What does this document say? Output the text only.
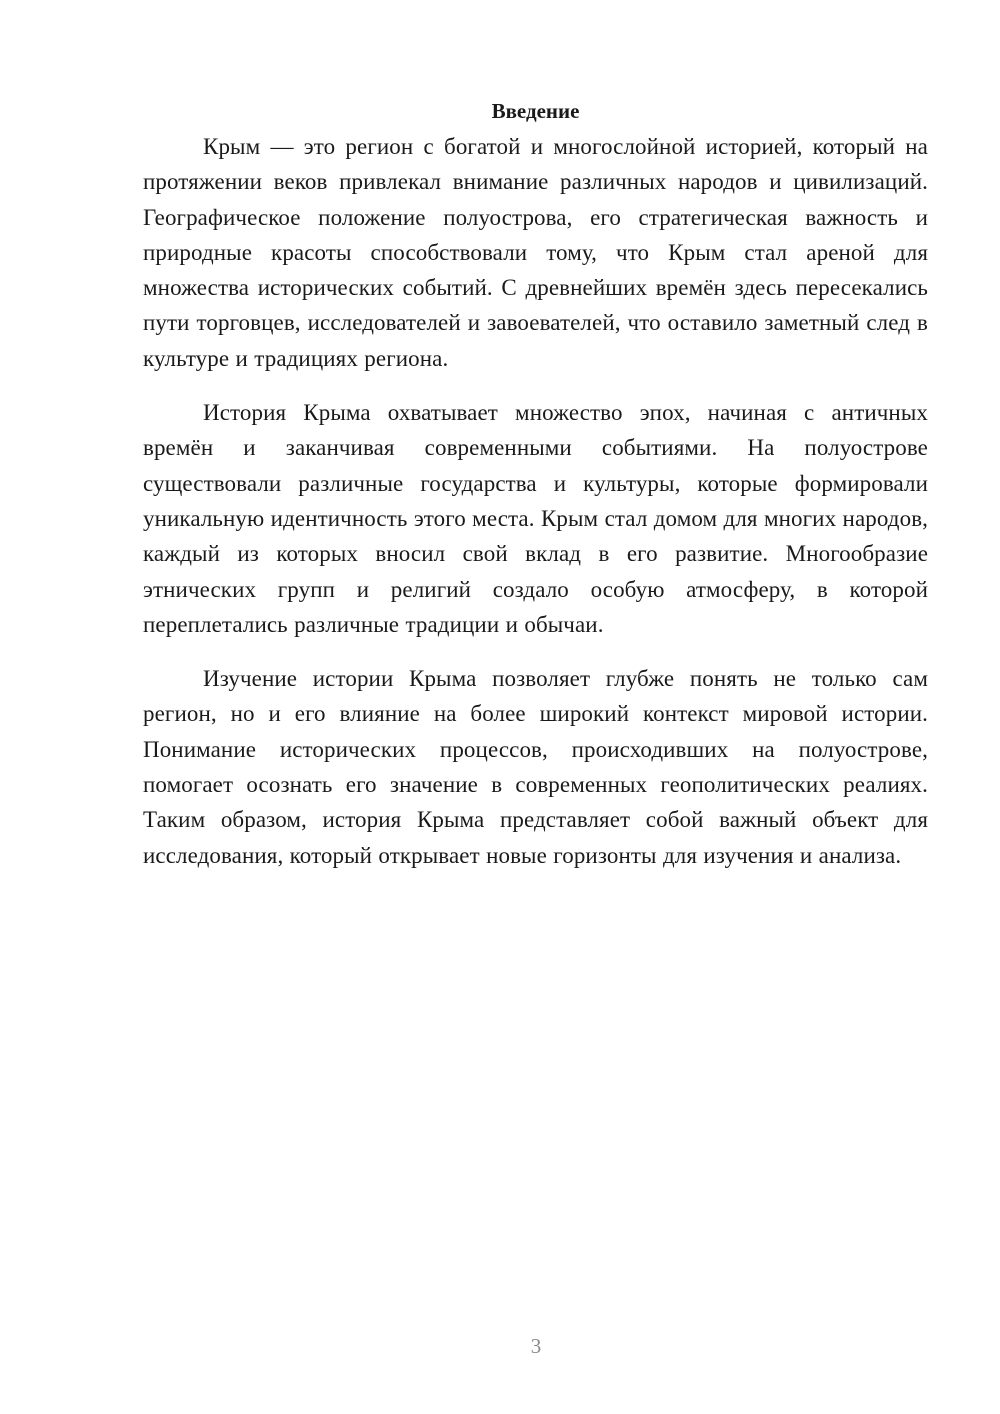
Введение

Крым — это регион с богатой и многослойной историей, который на протяжении веков привлекал внимание различных народов и цивилизаций. Географическое положение полуострова, его стратегическая важность и природные красоты способствовали тому, что Крым стал ареной для множества исторических событий. С древнейших времён здесь пересекались пути торговцев, исследователей и завоевателей, что оставило заметный след в культуре и традициях региона.

История Крыма охватывает множество эпох, начиная с античных времён и заканчивая современными событиями. На полуострове существовали различные государства и культуры, которые формировали уникальную идентичность этого места. Крым стал домом для многих народов, каждый из которых вносил свой вклад в его развитие. Многообразие этнических групп и религий создало особую атмосферу, в которой переплетались различные традиции и обычаи.

Изучение истории Крыма позволяет глубже понять не только сам регион, но и его влияние на более широкий контекст мировой истории. Понимание исторических процессов, происходивших на полуострове, помогает осознать его значение в современных геополитических реалиях. Таким образом, история Крыма представляет собой важный объект для исследования, который открывает новые горизонты для изучения и анализа.

3
